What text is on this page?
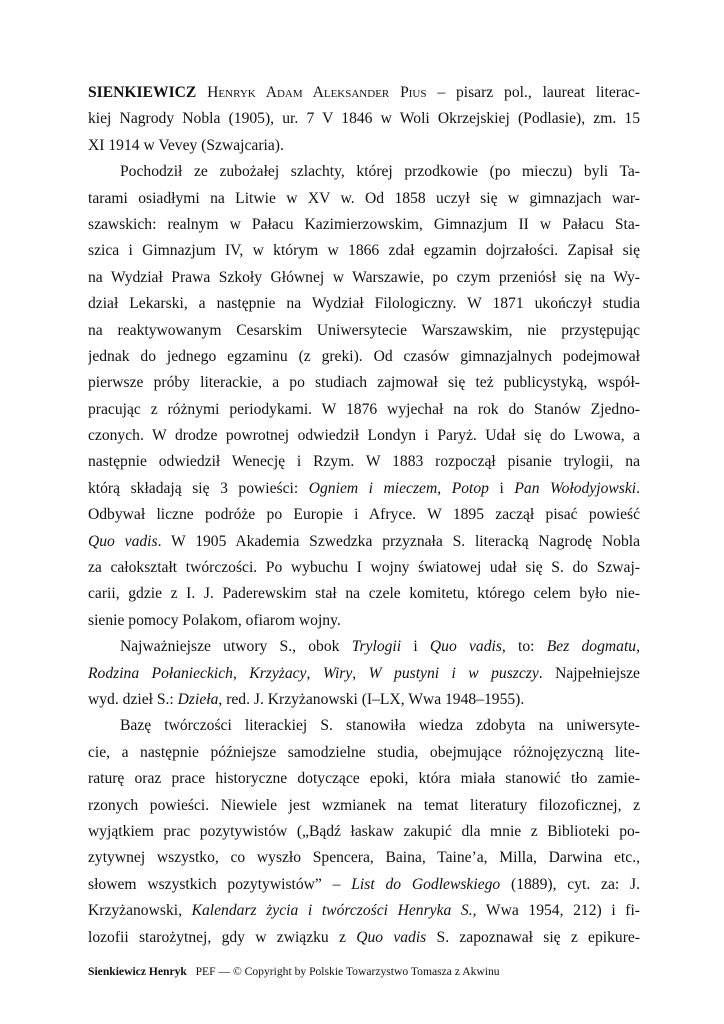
SIENKIEWICZ Henryk Adam Aleksander Pius – pisarz pol., laureat literac-
kiej Nagrody Nobla (1905), ur. 7 V 1846 w Woli Okrzejskiej (Podlasie), zm. 15
XI 1914 w Vevey (Szwajcaria).
Pochodził ze zubożałej szlachty, której przodkowie (po mieczu) byli Ta-
tarami osiadłymi na Litwie w XV w. Od 1858 uczył się w gimnazjach war-
szawskich: realnym w Pałacu Kazimierzowskim, Gimnazjum II w Pałacu Sta-
szica i Gimnazjum IV, w którym w 1866 zdał egzamin dojrzałości. Zapisał się
na Wydział Prawa Szkoły Głównej w Warszawie, po czym przeniósł się na Wy-
dział Lekarski, a następnie na Wydział Filologiczny. W 1871 ukończył studia
na reaktywowanym Cesarskim Uniwersytecie Warszawskim, nie przystępując
jednak do jednego egzaminu (z greki). Od czasów gimnazjalnych podejmował
pierwsze próby literackie, a po studiach zajmował się też publicystyką, współ-
pracując z różnymi periodykami. W 1876 wyjechał na rok do Stanów Zjedno-
czonych. W drodze powrotnej odwiedził Londyn i Paryż. Udał się do Lwowa, a
następnie odwiedził Wenecję i Rzym. W 1883 rozpoczął pisanie trylogii, na
którą składają się 3 powieści: Ogniem i mieczem, Potop i Pan Wołodyjowski.
Odbywał liczne podróże po Europie i Afryce. W 1895 zaczął pisać powieść
Quo vadis. W 1905 Akademia Szwedzka przyznała S. literacką Nagrodę Nobla
za całokształt twórczości. Po wybuchu I wojny światowej udał się S. do Szwaj-
carii, gdzie z I. J. Paderewskim stał na czele komitetu, którego celem było nie-
sienie pomocy Polakom, ofiarom wojny.
Najważniejsze utwory S., obok Trylogii i Quo vadis, to: Bez dogmatu,
Rodzina Połanieckich, Krzyżacy, Wiry, W pustyni i w puszczy. Najpełniejsze
wyd. dzieł S.: Dzieła, red. J. Krzyżanowski (I–LX, Wwa 1948–1955).
Bazę twórczości literackiej S. stanowiła wiedza zdobyta na uniwersyte-
cie, a następnie późniejsze samodzielne studia, obejmujące różnojęzyczną lite-
raturę oraz prace historyczne dotyczące epoki, która miała stanowić tło zamie-
rzonych powieści. Niewiele jest wzmianek na temat literatury filozoficznej, z
wyjątkiem prac pozytywistów („Bądź łaskaw zakupić dla mnie z Biblioteki po-
zytywnej wszystko, co wyszło Spencera, Baina, Taine’a, Milla, Darwina etc.,
słowem wszystkich pozytywistów” – List do Godlewskiego (1889), cyt. za: J.
Krzyżanowski, Kalendarz życia i twórczości Henryka S., Wwa 1954, 212) i fi-
lozofii starożytnej, gdy w związku z Quo vadis S. zapoznawał się z epikure-
Sienkiewicz Henryk PEF — © Copyright by Polskie Towarzystwo Tomasza z Akwinu
